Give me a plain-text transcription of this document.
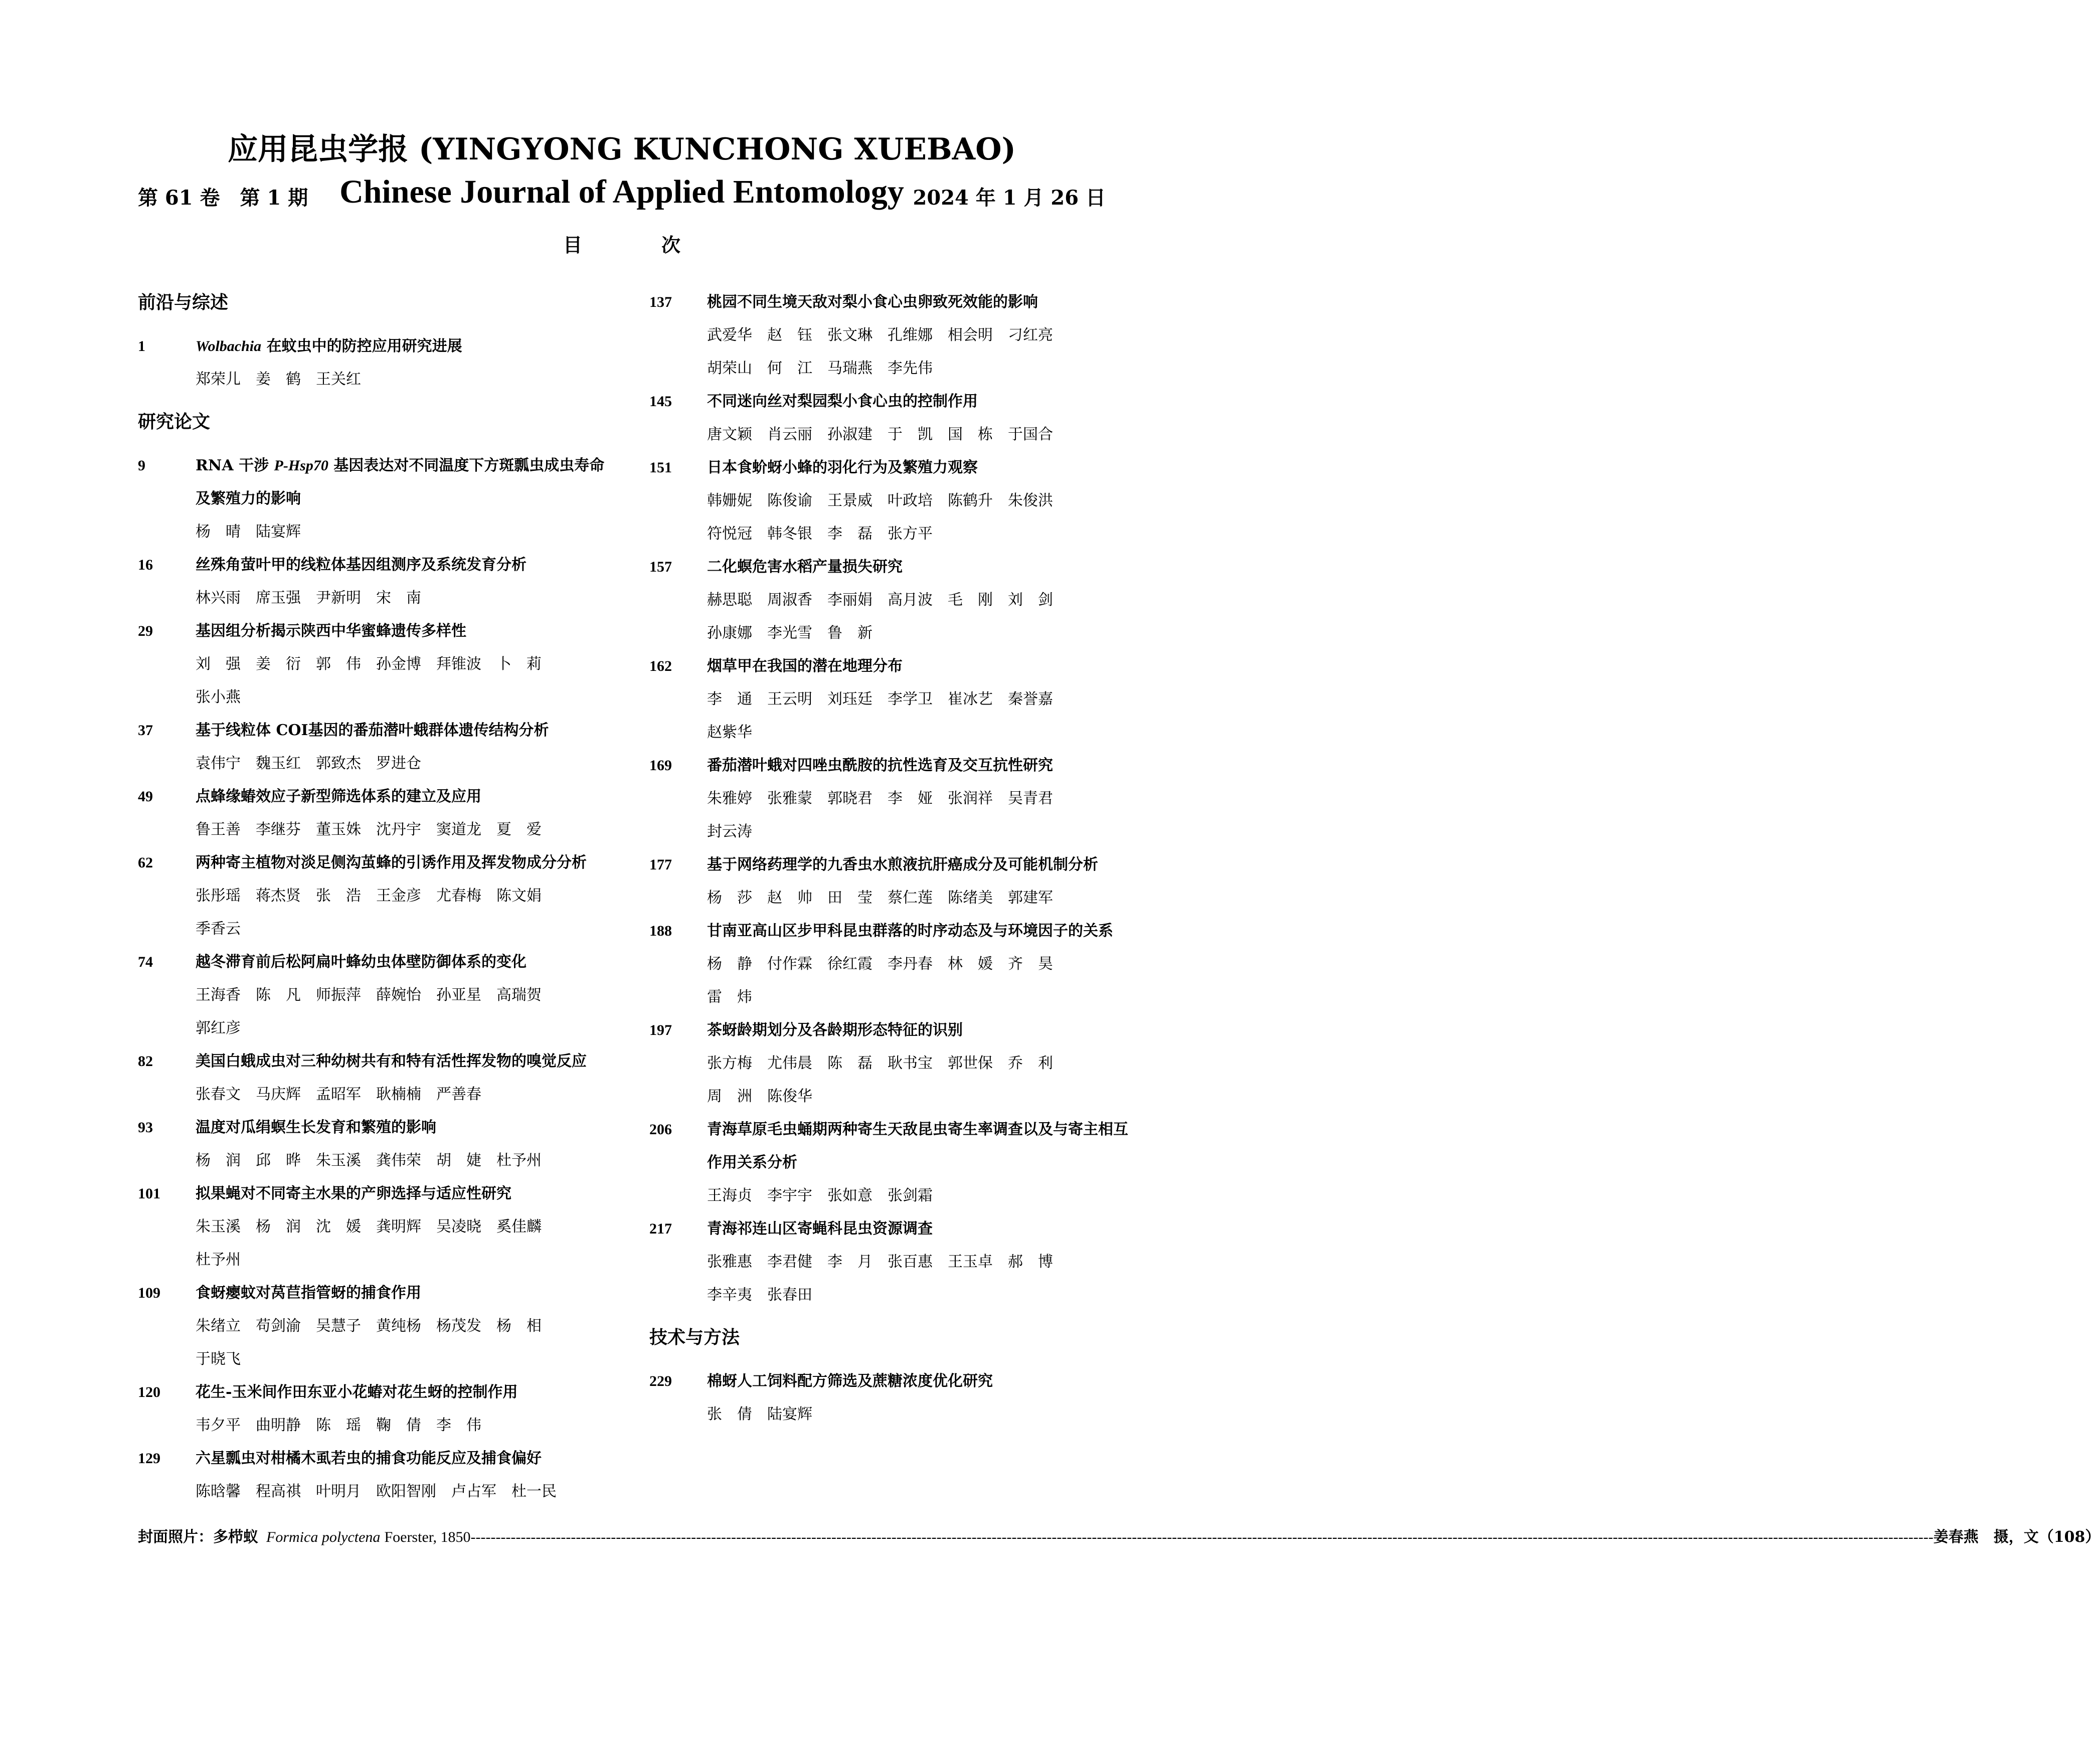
应用昆虫学报 (YINGYONG KUNCHONG XUEBAO)
第 61 卷　第 1 期 Chinese Journal of Applied Entomology 2024 年 1 月 26 日
目　次
前沿与综述
1	Wolbachia 在蚊虫中的防控应用研究进展
郑荣儿　姜　鹤　王关红
研究论文
9	RNA 干涉 P-Hsp70 基因表达对不同温度下方斑瓢虫成虫寿命及繁殖力的影响
杨　晴　陆宴辉
16	丝殊角萤叶甲的线粒体基因组测序及系统发育分析
林兴雨　席玉强　尹新明　宋　南
29	基因组分析揭示陕西中华蜜蜂遗传多样性
刘　强　姜　衍　郭　伟　孙金博　拜锥波　卜　莉
张小燕
37	基于线粒体 COⅠ基因的番茄潜叶蛾群体遗传结构分析
袁伟宁　魏玉红　郭致杰　罗进仓
49	点蜂缘蝽效应子新型筛选体系的建立及应用
鲁王善　李继芬　董玉姝　沈丹宇　窦道龙　夏　爱
62	两种寄主植物对淡足侧沟茧蜂的引诱作用及挥发物成分分析
张彤瑶　蒋杰贤　张　浩　王金彦　尤春梅　陈文娟
季香云
74	越冬滞育前后松阿扁叶蜂幼虫体壁防御体系的变化
王海香　陈　凡　师振萍　薛婉怡　孙亚星　高瑞贺
郭红彦
82	美国白蛾成虫对三种幼树共有和特有活性挥发物的嗅觉反应
张春文　马庆辉　孟昭军　耿楠楠　严善春
93	温度对瓜绢螟生长发育和繁殖的影响
杨　润　邱　晔　朱玉溪　龚伟荣　胡　婕　杜予州
101 拟果蝇对不同寄主水果的产卵选择与适应性研究
朱玉溪　杨　润　沈　媛　龚明辉　吴凌晓　奚佳麟
杜予州
109 食蚜瘿蚊对莴苣指管蚜的捕食作用
朱绪立　苟剑渝　吴慧子　黄纯杨　杨茂发　杨　相
于晓飞
120 花生-玉米间作田东亚小花蝽对花生蚜的控制作用
韦夕平　曲明静　陈　瑶　鞠　倩　李　伟
129 六星瓢虫对柑橘木虱若虫的捕食功能反应及捕食偏好
陈晗馨　程高祺　叶明月　欧阳智刚　卢占军　杜一民
137 桃园不同生境天敌对梨小食心虫卵致死效能的影响
武爱华　赵　钰　张文琳　孔维娜　相会明　刁红亮
胡荣山　何　江　马瑞燕　李先伟
145 不同迷向丝对梨园梨小食心虫的控制作用
唐文颖　肖云丽　孙淑建　于　凯　国　栋　于国合
151 日本食蚧蚜小蜂的羽化行为及繁殖力观察
韩姗妮　陈俊谕　王景威　叶政培　陈鹤升　朱俊洪
符悦冠　韩冬银　李　磊　张方平
157 二化螟危害水稻产量损失研究
赫思聪　周淑香　李丽娟　高月波　毛　刚　刘　剑
孙康娜　李光雪　鲁　新
162 烟草甲在我国的潜在地理分布
李　通　王云明　刘珏廷　李学卫　崔冰艺　秦誉嘉
赵紫华
169 番茄潜叶蛾对四唑虫酰胺的抗性选育及交互抗性研究
朱雅婷　张雅蒙　郭晓君　李　娅　张润祥　吴青君
封云涛
177 基于网络药理学的九香虫水煎液抗肝癌成分及可能机制分析
杨　莎　赵　帅　田　莹　蔡仁莲　陈绪美　郭建军
188 甘南亚高山区步甲科昆虫群落的时序动态及与环境因子的关系
杨　静　付作霖　徐红霞　李丹春　林　媛　齐　昊
雷　炜
197 茶蚜龄期划分及各龄期形态特征的识别
张方梅　尤伟晨　陈　磊　耿书宝　郭世保　乔　利
周　洲　陈俊华
206 青海草原毛虫蛹期两种寄生天敌昆虫寄生率调查以及与寄主相互作用关系分析
王海贞　李宇宇　张如意　张剑霜
217 青海祁连山区寄蝇科昆虫资源调查
张雅惠　李君健　李　月　张百惠　王玉卓　郝　博
李辛夷　张春田
技术与方法
229 棉蚜人工饲料配方筛选及蔗糖浓度优化研究
张　倩　陆宴辉
封面照片：多栉蚁 Formica polyctena Foerster, 1850 ---------------------------------------------------------------------------------------------------------------------------------------------------------------------------------------------------------------------------------------------------------------------------------------------------- 姜春燕　摄，文（108）
